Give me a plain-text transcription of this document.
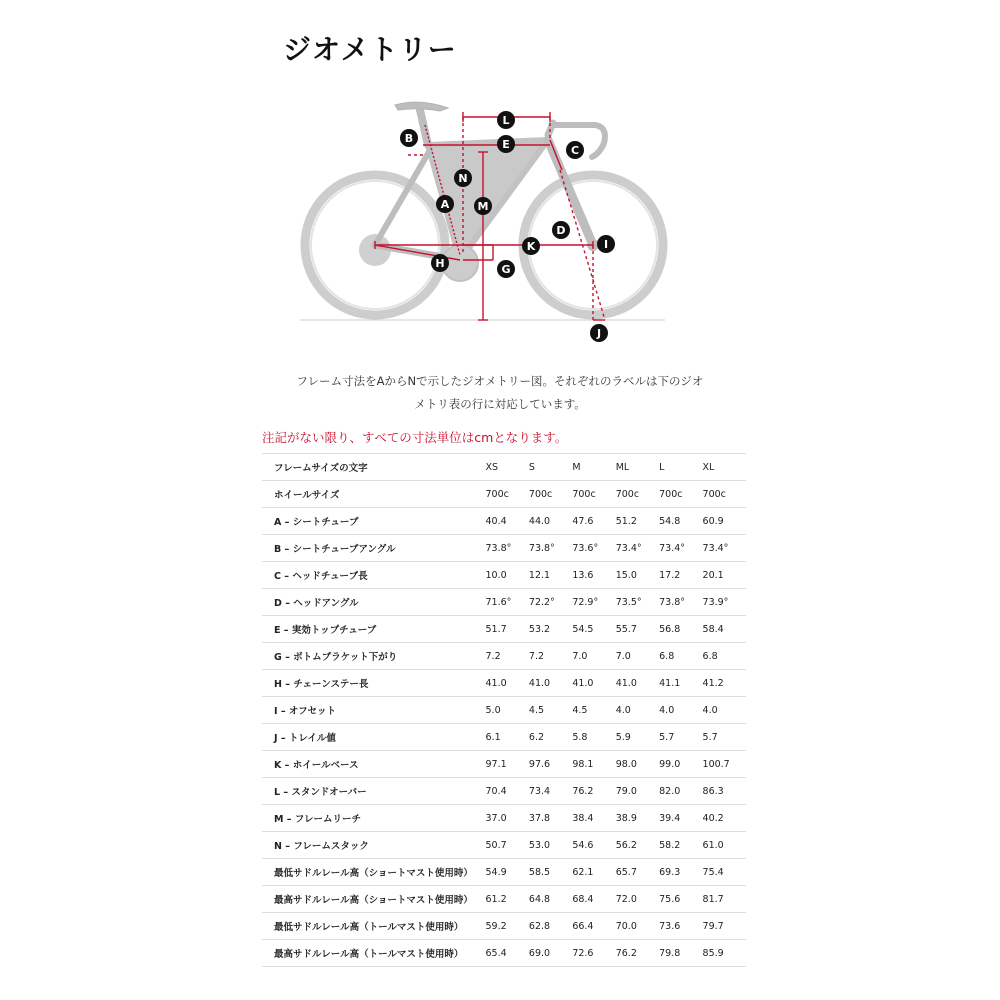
ジオメトリー
L
E
B
C
N
A	M
D
K	I
H	G
J
フレーム寸法をAからNで示したジオメトリー図。それぞれのラベルは下のジオ
メトリ表の行に対応しています。
注記がない限り、すべての寸法単位はcmとなります。
フレームサイズの文字	XS	S	M	ML	L	XL
ホイールサイズ	700c	700c	700c	700c	700c	700c
A – シートチューブ	40.4	44.0	47.6	51.2	54.8	60.9
B – シートチューブアングル	73.8°	73.8°	73.6°	73.4°	73.4°	73.4°
C – ヘッドチューブ長	10.0	12.1	13.6	15.0	17.2	20.1
D – ヘッドアングル	71.6°	72.2°	72.9°	73.5°	73.8°	73.9°
E – 実効トップチューブ	51.7	53.2	54.5	55.7	56.8	58.4
G – ボトムブラケット下がり	7.2	7.2	7.0	7.0	6.8	6.8
H – チェーンステー長	41.0	41.0	41.0	41.0	41.1	41.2
I – オフセット	5.0	4.5	4.5	4.0	4.0	4.0
J – トレイル値	6.1	6.2	5.8	5.9	5.7	5.7
K – ホイールベース	97.1	97.6	98.1	98.0	99.0	100.7
L – スタンドオーバー	70.4	73.4	76.2	79.0	82.0	86.3
M – フレームリーチ	37.0	37.8	38.4	38.9	39.4	40.2
N – フレームスタック	50.7	53.0	54.6	56.2	58.2	61.0
最低サドルレール高（ショートマスト使用時）	54.9	58.5	62.1	65.7	69.3	75.4
最高サドルレール高（ショートマスト使用時）	61.2	64.8	68.4	72.0	75.6	81.7
最低サドルレール高（トールマスト使用時）	59.2	62.8	66.4	70.0	73.6	79.7
最高サドルレール高（トールマスト使用時）	65.4	69.0	72.6	76.2	79.8	85.9
